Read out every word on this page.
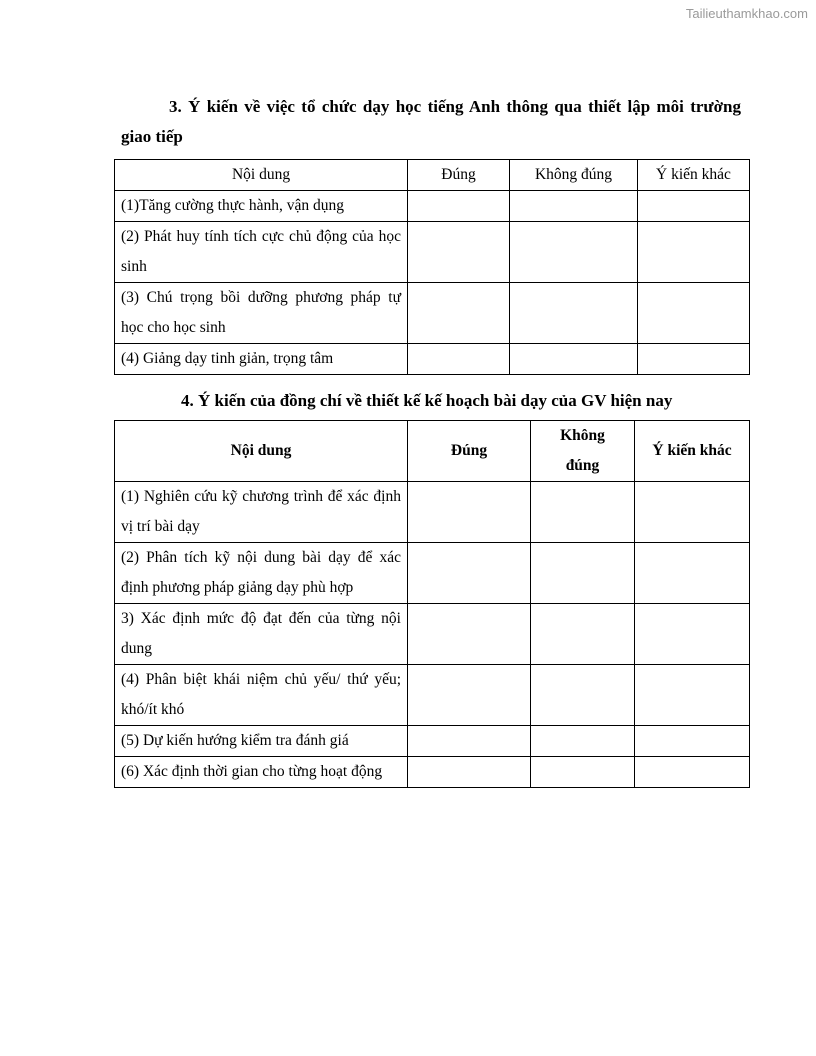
Tailieuthamkhao.com
3. Ý kiến về việc tổ chức dạy học tiếng Anh thông qua thiết lập môi trường giao tiếp
Nội dung	Đúng	Không đúng	Ý kiến khác
(1)Tăng cường thực hành, vận dụng			
(2) Phát huy tính tích cực chủ động của học sinh			
(3) Chú trọng bồi dưỡng phương pháp tự học cho học sinh			
(4) Giảng dạy tinh giản, trọng tâm			
4. Ý kiến của đồng chí về thiết kế kế hoạch bài dạy của GV hiện nay
Nội dung	Đúng	Không đúng	Ý kiến khác
(1) Nghiên cứu kỹ chương trình để xác định vị trí bài dạy			
(2) Phân tích kỹ nội dung bài dạy để xác định phương pháp giảng dạy phù hợp			
3) Xác định mức độ đạt đến của từng nội dung			
(4) Phân biệt khái niệm chủ yếu/ thứ yếu; khó/ít khó			
(5) Dự kiến hướng kiểm tra đánh giá			
(6) Xác định thời gian cho từng hoạt động			
